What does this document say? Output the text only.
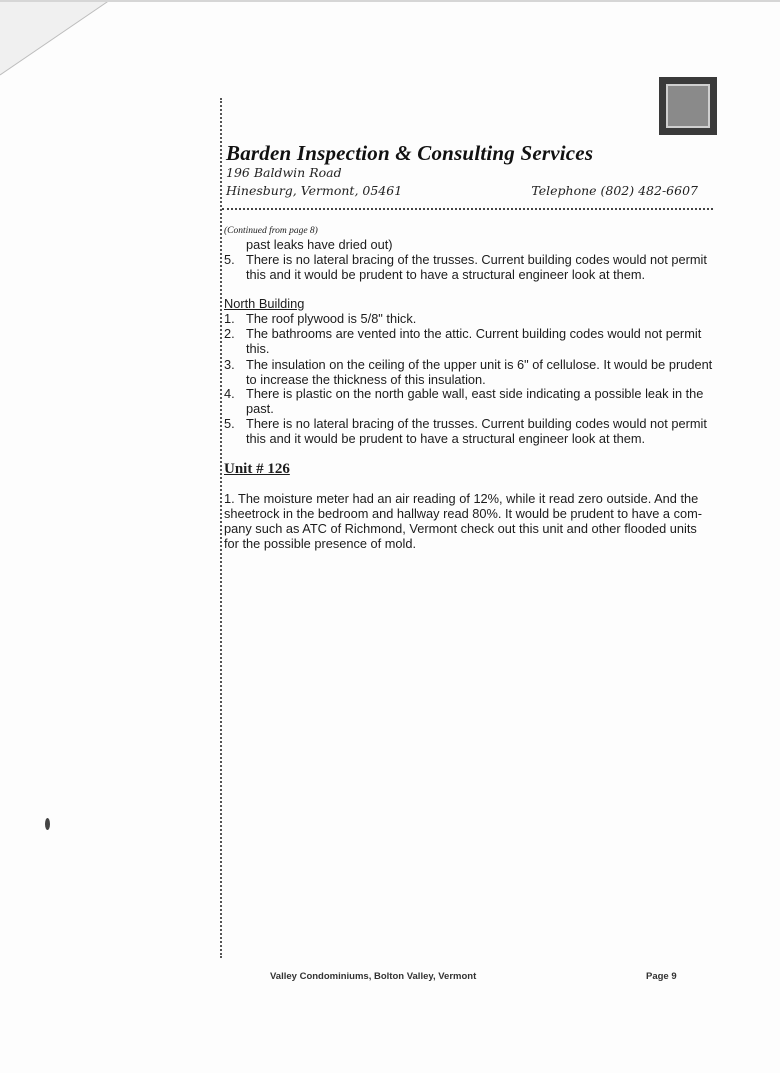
Barden Inspection & Consulting Services
196 Baldwin Road
Hinesburg, Vermont, 05461	Telephone (802) 482-6607
(Continued from page 8)
past leaks have dried out)
5. There is no lateral bracing of the trusses. Current building codes would not permit
this and it would be prudent to have a structural engineer look at them.
North Building
1. The roof plywood is 5/8" thick.
2. The bathrooms are vented into the attic. Current building codes would not permit
this.
3. The insulation on the ceiling of the upper unit is 6" of cellulose. It would be prudent
to increase the thickness of this insulation.
4. There is plastic on the north gable wall, east side indicating a possible leak in the
past.
5. There is no lateral bracing of the trusses. Current building codes would not permit
this and it would be prudent to have a structural engineer look at them.
Unit # 126
1. The moisture meter had an air reading of 12%, while it read zero outside. And the
sheetrock in the bedroom and hallway read 80%. It would be prudent to have a com-
pany such as ATC of Richmond, Vermont check out this unit and other flooded units
for the possible presence of mold.
Valley Condominiums, Bolton Valley, Vermont	Page 9
